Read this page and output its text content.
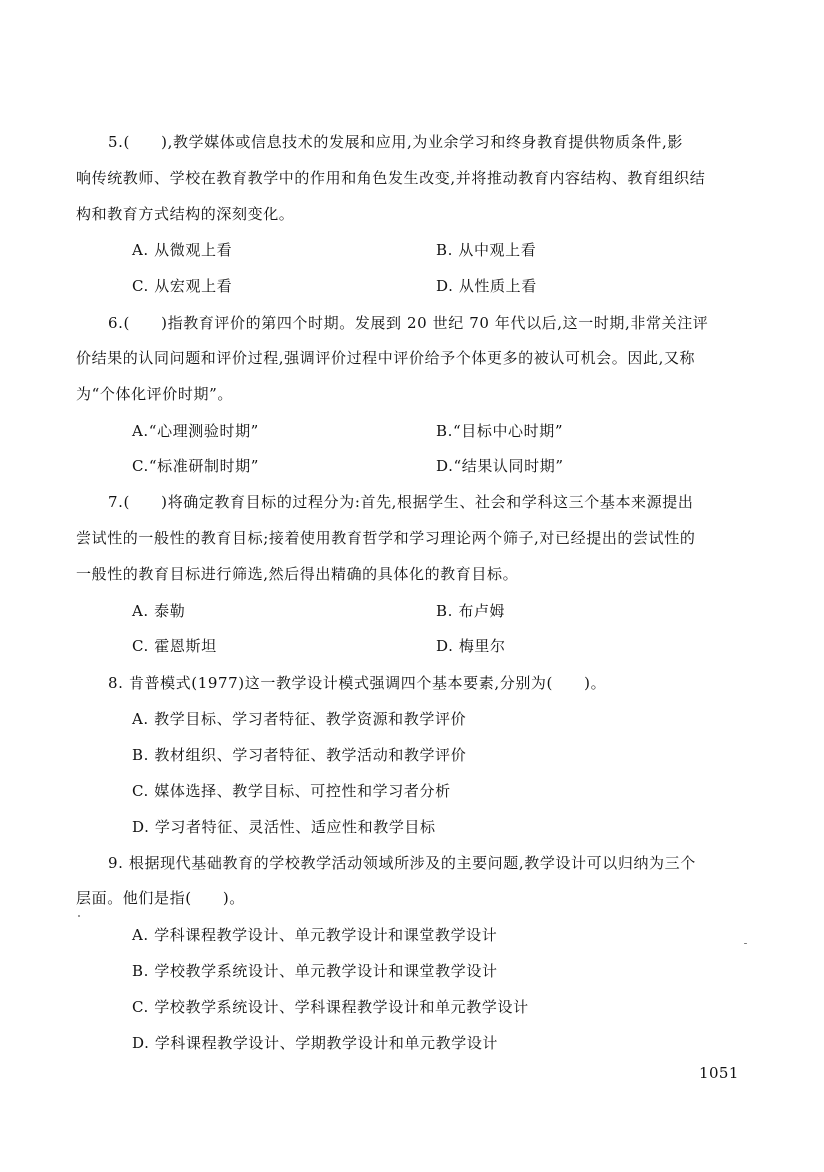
5.(　　),教学媒体或信息技术的发展和应用,为业余学习和终身教育提供物质条件,影
响传统教师、学校在教育教学中的作用和角色发生改变,并将推动教育内容结构、教育组织结
构和教育方式结构的深刻变化。
A. 从微观上看	B. 从中观上看
C. 从宏观上看	D. 从性质上看
6.(　　)指教育评价的第四个时期。发展到 20 世纪 70 年代以后,这一时期,非常关注评
价结果的认同问题和评价过程,强调评价过程中评价给予个体更多的被认可机会。因此,又称
为“个体化评价时期”。
A.“心理测验时期”	B.“目标中心时期”
C.“标准研制时期”	D.“结果认同时期”
7.(　　)将确定教育目标的过程分为:首先,根据学生、社会和学科这三个基本来源提出
尝试性的一般性的教育目标;接着使用教育哲学和学习理论两个筛子,对已经提出的尝试性的
一般性的教育目标进行筛选,然后得出精确的具体化的教育目标。
A. 泰勒	B. 布卢姆
C. 霍恩斯坦	D. 梅里尔
8. 肯普模式(1977)这一教学设计模式强调四个基本要素,分别为(　　)。
A. 教学目标、学习者特征、教学资源和教学评价
B. 教材组织、学习者特征、教学活动和教学评价
C. 媒体选择、教学目标、可控性和学习者分析
D. 学习者特征、灵活性、适应性和教学目标
9. 根据现代基础教育的学校教学活动领域所涉及的主要问题,教学设计可以归纳为三个
层面。他们是指(　　)。
A. 学科课程教学设计、单元教学设计和课堂教学设计
B. 学校教学系统设计、单元教学设计和课堂教学设计
C. 学校教学系统设计、学科课程教学设计和单元教学设计
D. 学科课程教学设计、学期教学设计和单元教学设计
1051
